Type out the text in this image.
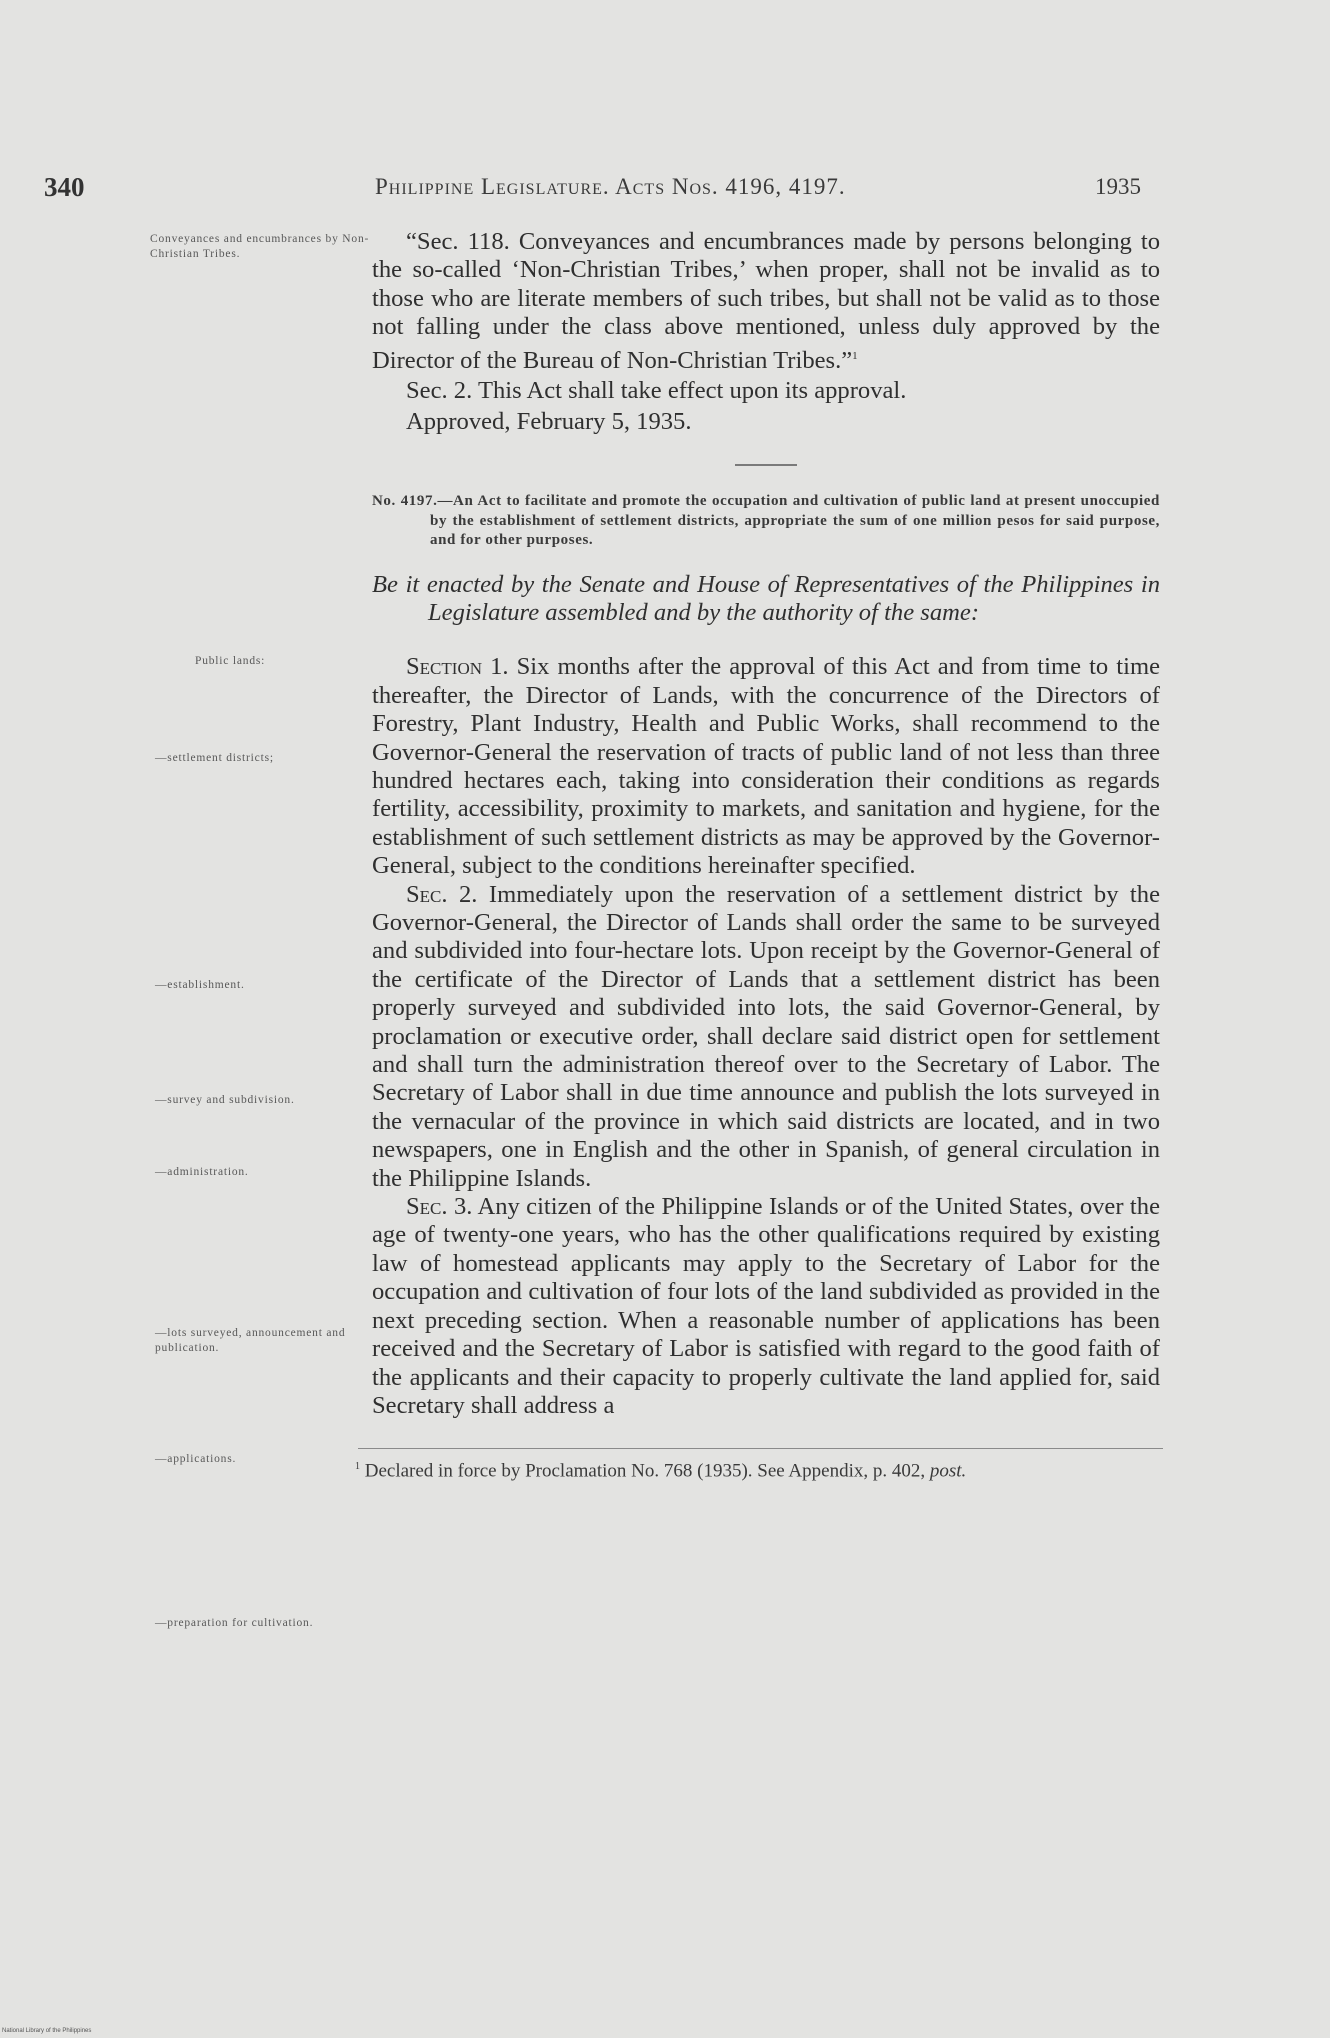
340	Philippine Legislature. Acts Nos. 4196, 4197.	1935
Conveyances and encumbrances by Non-Christian Tribes.
Public lands:
—settlement districts;
—establishment.
—survey and subdivision.
—administration.
—lots surveyed, announcement and publication.
—applications.
—preparation for cultivation.

“Sec. 118. Conveyances and encumbrances made by persons belonging to the so-called ‘Non-Christian Tribes,’ when proper, shall not be invalid as to those who are literate members of such tribes, but shall not be valid as to those not falling under the class above mentioned, unless duly approved by the Director of the Bureau of Non-Christian Tribes.”$^1$

Sec. 2. This Act shall take effect upon its approval.

Approved, February 5, 1935.

No. 4197.—An Act to facilitate and promote the occupation and cultivation of public land at present unoccupied by the establishment of settlement districts, appropriate the sum of one million pesos for said purpose, and for other purposes.

Be it enacted by the Senate and House of Representatives of the Philippines in Legislature assembled and by the authority of the same:

Section 1. Six months after the approval of this Act and from time to time thereafter, the Director of Lands, with the concurrence of the Directors of Forestry, Plant Industry, Health and Public Works, shall recommend to the Governor-General the reservation of tracts of public land of not less than three hundred hectares each, taking into consideration their conditions as regards fertility, accessibility, proximity to markets, and sanitation and hygiene, for the establishment of such settlement districts as may be approved by the Governor-General, subject to the conditions hereinafter specified.

Sec. 2. Immediately upon the reservation of a settlement district by the Governor-General, the Director of Lands shall order the same to be surveyed and subdivided into four-hectare lots. Upon receipt by the Governor-General of the certificate of the Director of Lands that a settlement district has been properly surveyed and subdivided into lots, the said Governor-General, by proclamation or executive order, shall declare said district open for settlement and shall turn the administration thereof over to the Secretary of Labor. The Secretary of Labor shall in due time announce and publish the lots surveyed in the vernacular of the province in which said districts are located, and in two newspapers, one in English and the other in Spanish, of general circulation in the Philippine Islands.

Sec. 3. Any citizen of the Philippine Islands or of the United States, over the age of twenty-one years, who has the other qualifications required by existing law of homestead applicants may apply to the Secretary of Labor for the occupation and cultivation of four lots of the land subdivided as provided in the next preceding section. When a reasonable number of applications has been received and the Secretary of Labor is satisfied with regard to the good faith of the applicants and their capacity to properly cultivate the land applied for, said Secretary shall address a

$^1$ Declared in force by Proclamation No. 768 (1935). See Appendix, p. 402, post.
National Library of the Philippines
